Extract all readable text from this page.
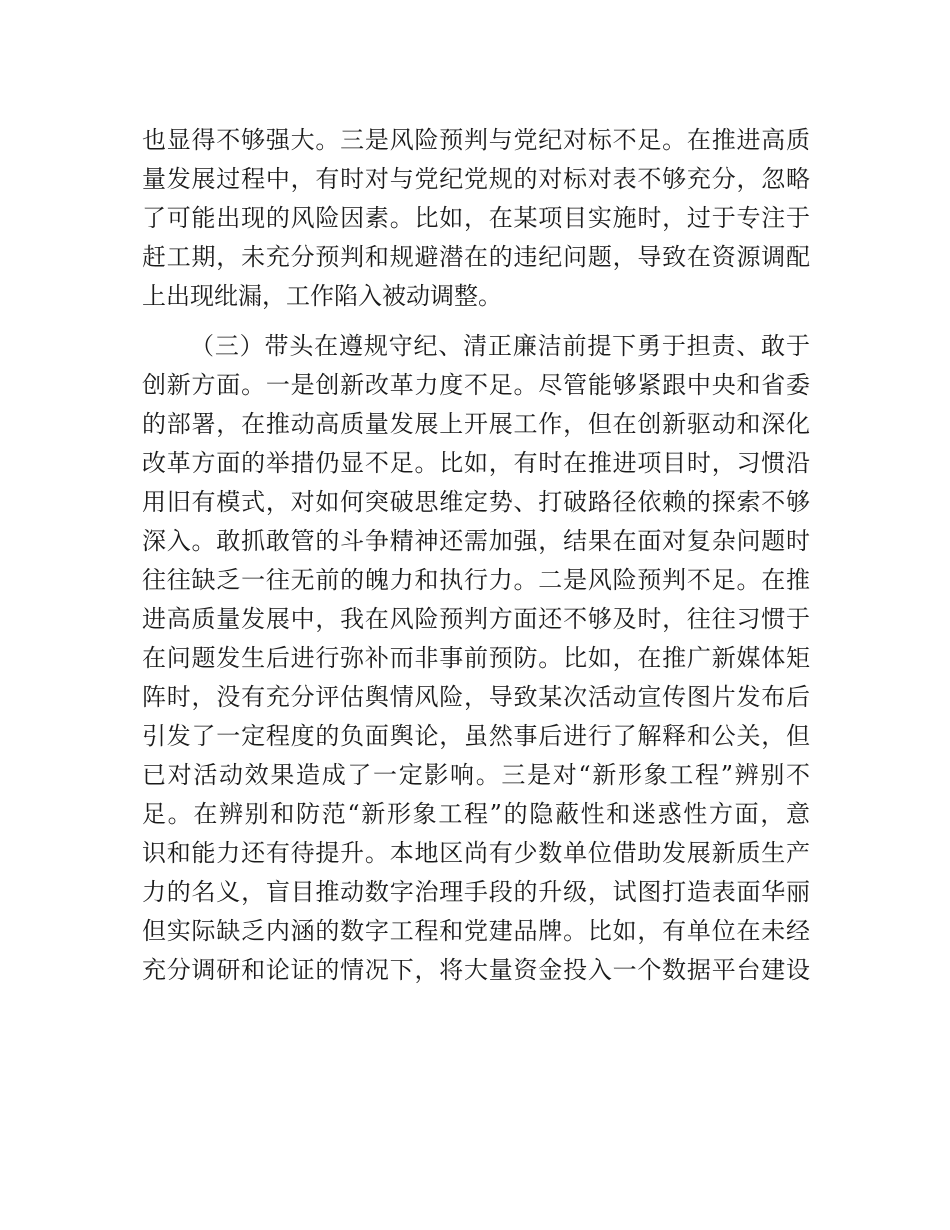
也显得不够强大。三是风险预判与党纪对标不足。在推进高质
量发展过程中，有时对与党纪党规的对标对表不够充分，忽略
了可能出现的风险因素。比如，在某项目实施时，过于专注于
赶工期，未充分预判和规避潜在的违纪问题，导致在资源调配
上出现纰漏，工作陷入被动调整。
（三）带头在遵规守纪、清正廉洁前提下勇于担责、敢于
创新方面。一是创新改革力度不足。尽管能够紧跟中央和省委
的部署，在推动高质量发展上开展工作，但在创新驱动和深化
改革方面的举措仍显不足。比如，有时在推进项目时，习惯沿
用旧有模式，对如何突破思维定势、打破路径依赖的探索不够
深入。敢抓敢管的斗争精神还需加强，结果在面对复杂问题时
往往缺乏一往无前的魄力和执行力。二是风险预判不足。在推
进高质量发展中，我在风险预判方面还不够及时，往往习惯于
在问题发生后进行弥补而非事前预防。比如，在推广新媒体矩
阵时，没有充分评估舆情风险，导致某次活动宣传图片发布后
引发了一定程度的负面舆论，虽然事后进行了解释和公关，但
已对活动效果造成了一定影响。三是对“新形象工程”辨别不
足。在辨别和防范“新形象工程”的隐蔽性和迷惑性方面，意
识和能力还有待提升。本地区尚有少数单位借助发展新质生产
力的名义，盲目推动数字治理手段的升级，试图打造表面华丽
但实际缺乏内涵的数字工程和党建品牌。比如，有单位在未经
充分调研和论证的情况下，将大量资金投入一个数据平台建设
